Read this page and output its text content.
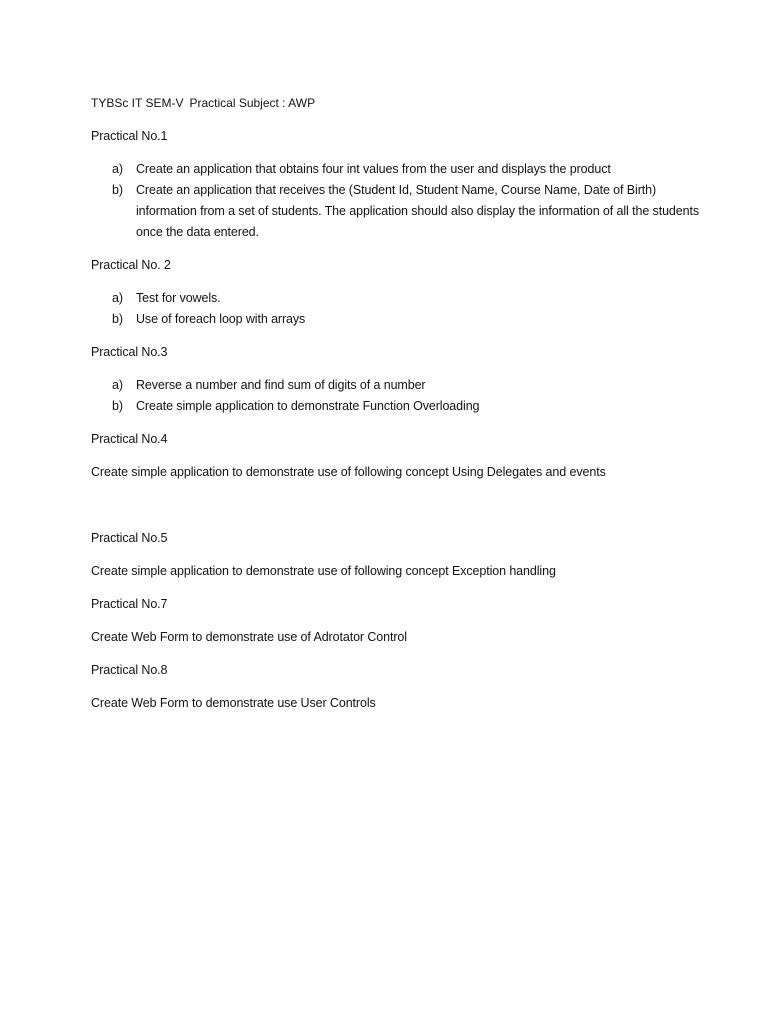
TYBSc IT SEM-V Practical Subject : AWP
Practical No.1
a) Create an application that obtains four int values from the user and displays the product
b) Create an application that receives the (Student Id, Student Name, Course Name, Date of Birth) information from a set of students. The application should also display the information of all the students once the data entered.
Practical No. 2
a) Test for vowels.
b) Use of foreach loop with arrays
Practical No.3
a) Reverse a number and find sum of digits of a number
b) Create simple application to demonstrate Function Overloading
Practical No.4
Create simple application to demonstrate use of following concept Using Delegates and events
Practical No.5
Create simple application to demonstrate use of following concept Exception handling
Practical No.7
Create Web Form to demonstrate use of Adrotator Control
Practical No.8
Create Web Form to demonstrate use User Controls
